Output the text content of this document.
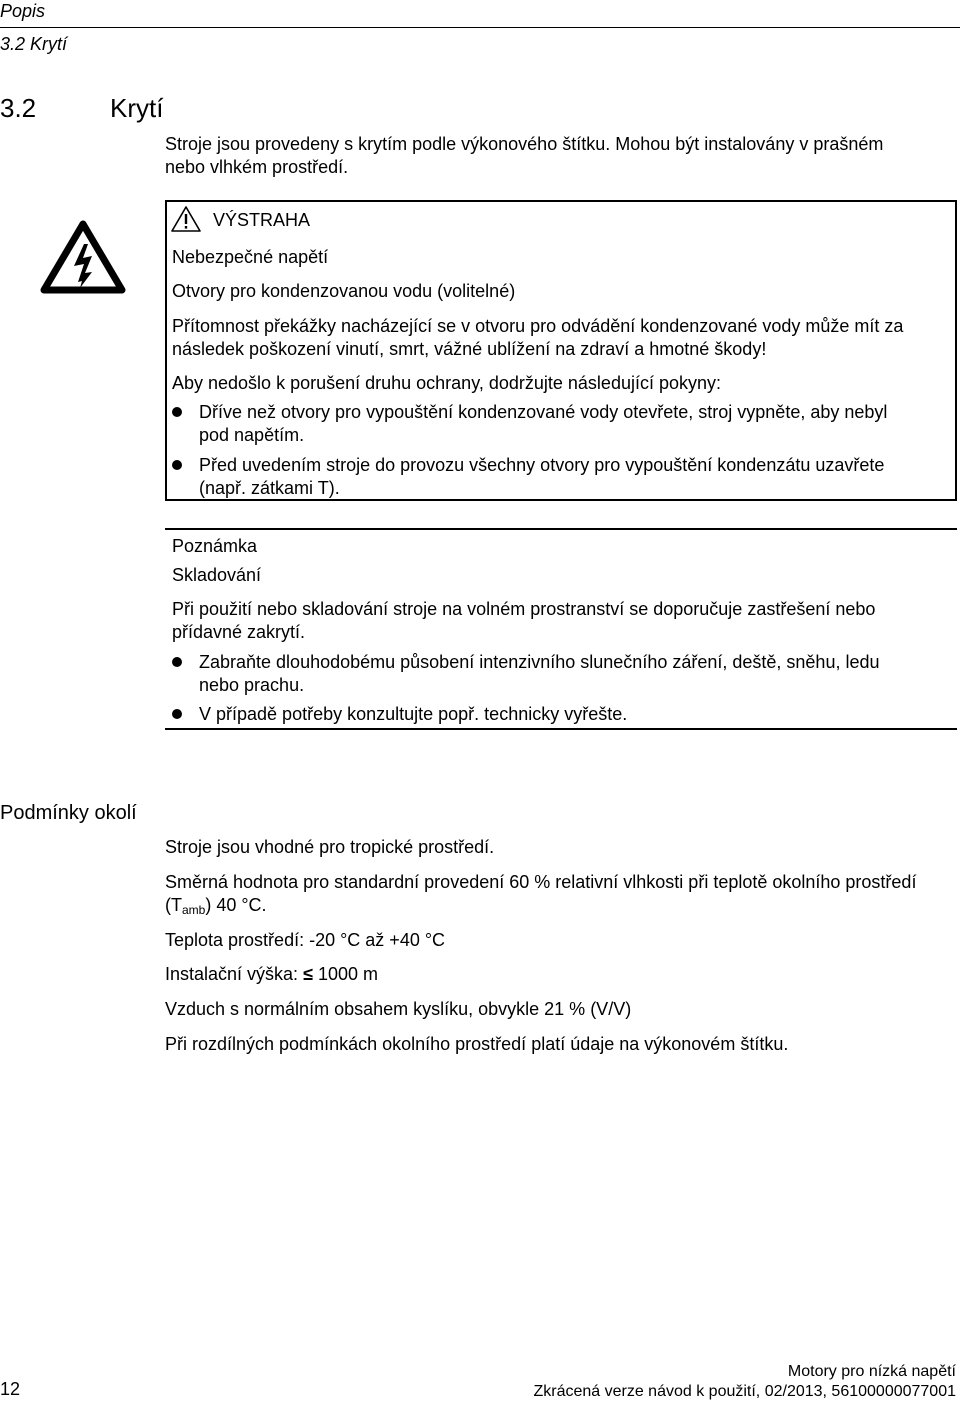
Popis
3.2 Krytí
3.2	Krytí
Stroje jsou provedeny s krytím podle výkonového štítku. Mohou být instalovány v prašném
nebo vlhkém prostředí.
VÝSTRAHA
Nebezpečné napětí
Otvory pro kondenzovanou vodu (volitelné)
Přítomnost překážky nacházející se v otvoru pro odvádění kondenzované vody může mít za
následek poškození vinutí, smrt, vážné ublížení na zdraví a hmotné škody!
Aby nedošlo k porušení druhu ochrany, dodržujte následující pokyny:
Dříve než otvory pro vypouštění kondenzované vody otevřete, stroj vypněte, aby nebyl
pod napětím.
Před uvedením stroje do provozu všechny otvory pro vypouštění kondenzátu uzavřete
(např. zátkami T).
Poznámka
Skladování
Při použití nebo skladování stroje na volném prostranství se doporučuje zastřešení nebo
přídavné zakrytí.
Zabraňte dlouhodobému působení intenzivního slunečního záření, deště, sněhu, ledu
nebo prachu.
V případě potřeby konzultujte popř. technicky vyřešte.
Podmínky okolí
Stroje jsou vhodné pro tropické prostředí.
Směrná hodnota pro standardní provedení 60 % relativní vlhkosti při teplotě okolního prostředí
$(T_{amb})$ 40 °C.
Teplota prostředí: -20 °C až +40 °C
Instalační výška: ≤ 1000 m
Vzduch s normálním obsahem kyslíku, obvykle 21 % (V/V)
Při rozdílných podmínkách okolního prostředí platí údaje na výkonovém štítku.
12
Motory pro nízká napětí
Zkrácená verze návod k použití, 02/2013, 56100000077001
